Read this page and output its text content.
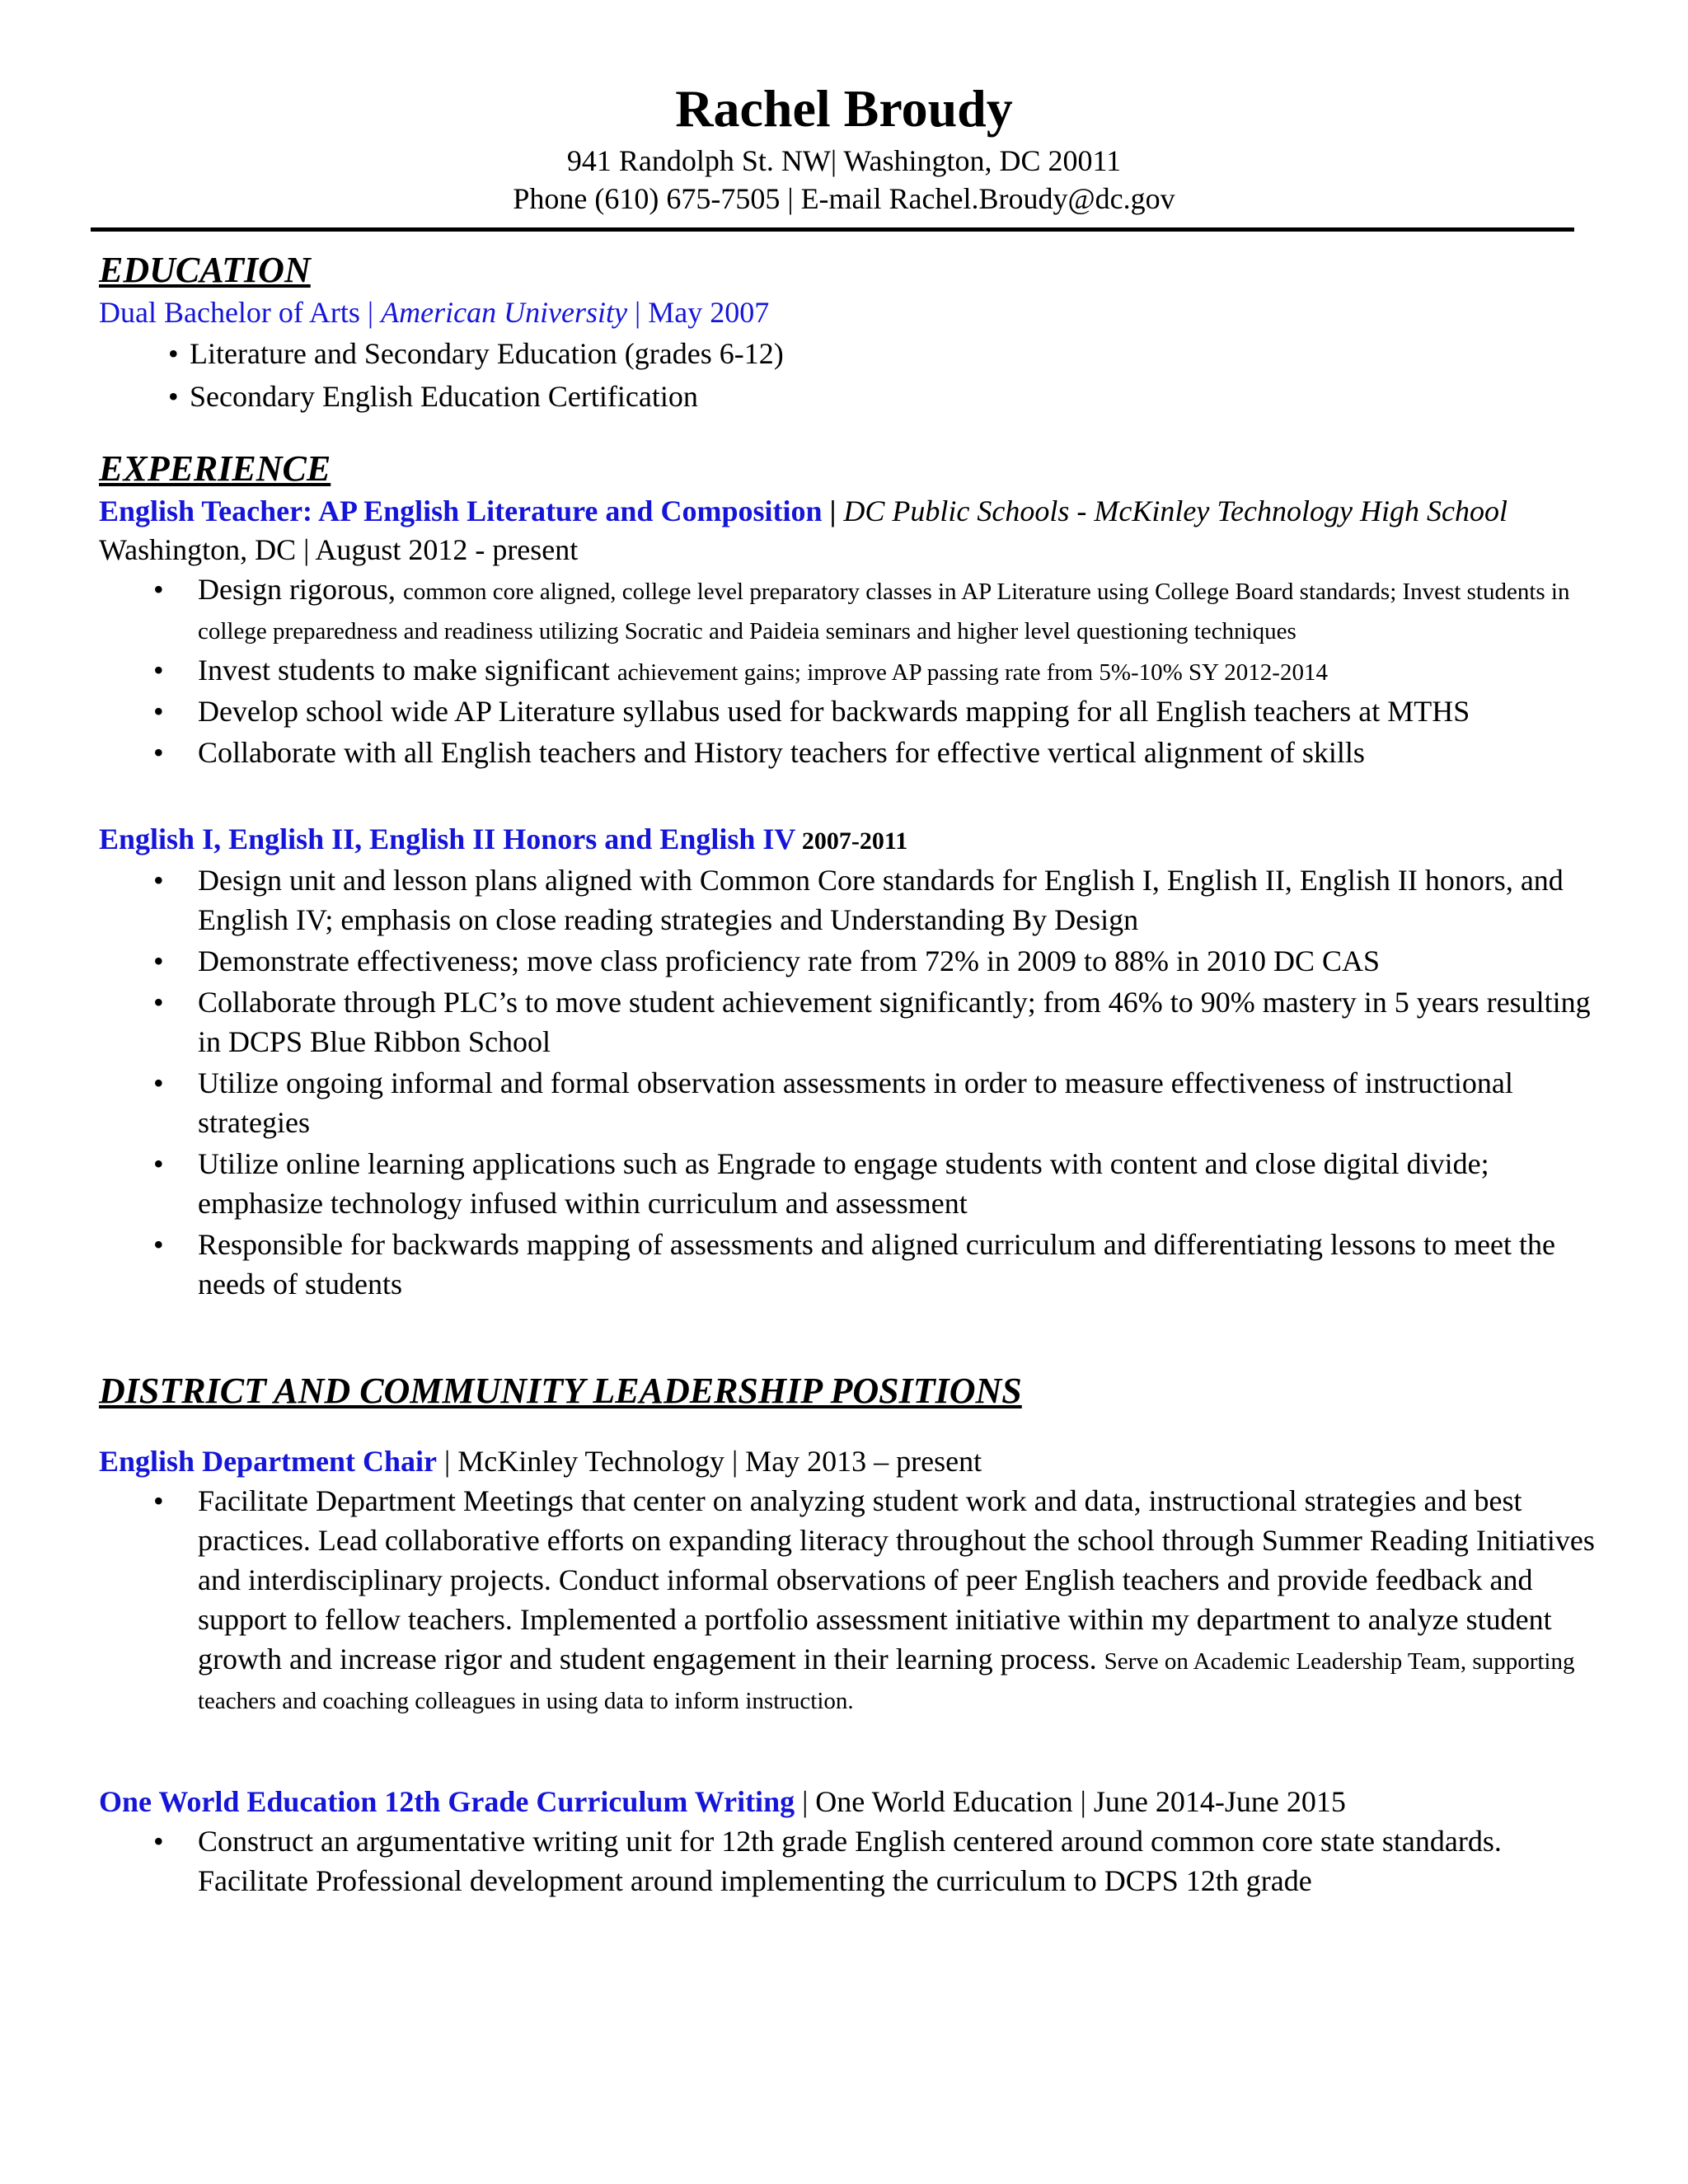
Rachel Broudy
941 Randolph St. NW| Washington, DC 20011
Phone (610) 675-7505 | E-mail Rachel.Broudy@dc.gov
EDUCATION
Dual Bachelor of Arts | American University | May 2007
• Literature and Secondary Education (grades 6-12)
• Secondary English Education Certification
EXPERIENCE
English Teacher: AP English Literature and Composition | DC Public Schools - McKinley Technology High School
Washington, DC | August 2012 - present
• Design rigorous, common core aligned, college level preparatory classes in AP Literature using College Board standards; Invest students in college preparedness and readiness utilizing Socratic and Paideia seminars and higher level questioning techniques
• Invest students to make significant achievement gains; improve AP passing rate from 5%-10% SY 2012-2014
• Develop school wide AP Literature syllabus used for backwards mapping for all English teachers at MTHS
• Collaborate with all English teachers and History teachers for effective vertical alignment of skills
English I, English II, English II Honors and English IV 2007-2011
• Design unit and lesson plans aligned with Common Core standards for English I, English II, English II honors, and English IV; emphasis on close reading strategies and Understanding By Design
• Demonstrate effectiveness; move class proficiency rate from 72% in 2009 to 88% in 2010 DC CAS
• Collaborate through PLC’s to move student achievement significantly; from 46% to 90% mastery in 5 years resulting in DCPS Blue Ribbon School
• Utilize ongoing informal and formal observation assessments in order to measure effectiveness of instructional strategies
• Utilize online learning applications such as Engrade to engage students with content and close digital divide; emphasize technology infused within curriculum and assessment
• Responsible for backwards mapping of assessments and aligned curriculum and differentiating lessons to meet the needs of students
DISTRICT AND COMMUNITY LEADERSHIP POSITIONS
English Department Chair | McKinley Technology | May 2013 – present
• Facilitate Department Meetings that center on analyzing student work and data, instructional strategies and best practices. Lead collaborative efforts on expanding literacy throughout the school through Summer Reading Initiatives and interdisciplinary projects. Conduct informal observations of peer English teachers and provide feedback and support to fellow teachers. Implemented a portfolio assessment initiative within my department to analyze student growth and increase rigor and student engagement in their learning process. Serve on Academic Leadership Team, supporting teachers and coaching colleagues in using data to inform instruction.
One World Education 12th Grade Curriculum Writing | One World Education | June 2014-June 2015
• Construct an argumentative writing unit for 12th grade English centered around common core state standards. Facilitate Professional development around implementing the curriculum to DCPS 12th grade
